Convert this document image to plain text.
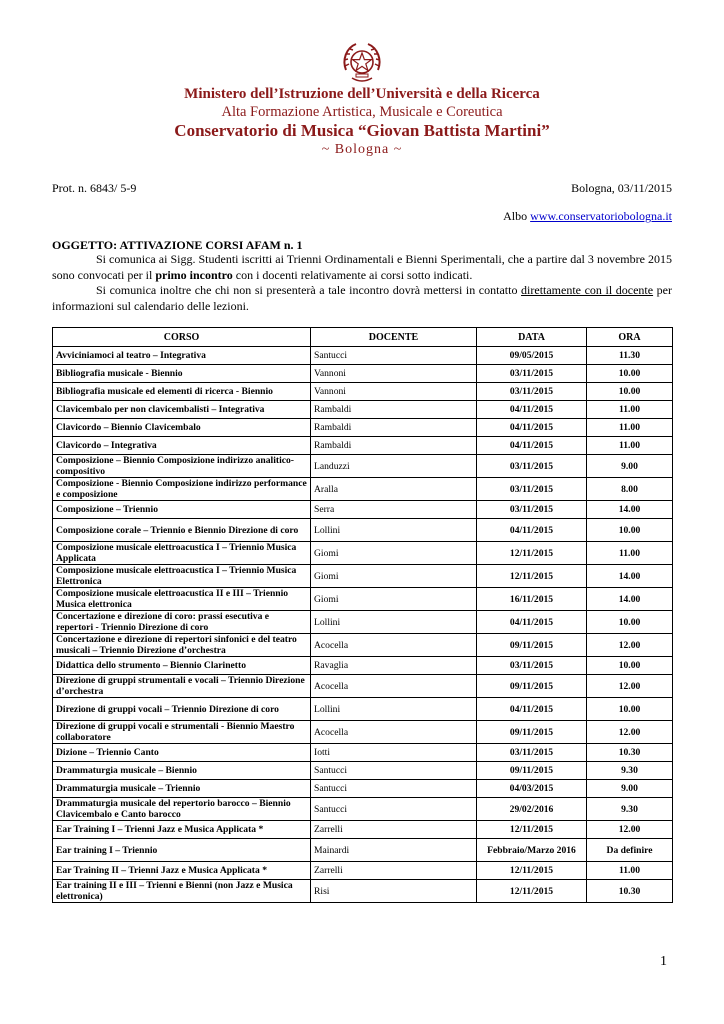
Ministero dell’Istruzione dell’Università e della Ricerca
Alta Formazione Artistica, Musicale e Coreutica
Conservatorio di Musica “Giovan Battista Martini”
~ Bologna ~
Prot. n. 6843/ 5-9	Bologna, 03/11/2015
Albo www.conservatoriobologna.it
OGGETTO: ATTIVAZIONE CORSI AFAM n. 1

Si comunica ai Sigg. Studenti iscritti ai Trienni Ordinamentali e Bienni Sperimentali, che a partire dal 3 novembre 2015 sono convocati per il primo incontro con i docenti relativamente ai corsi sotto indicati.

Si comunica inoltre che chi non si presenterà a tale incontro dovrà mettersi in contatto direttamente con il docente per informazioni sul calendario delle lezioni.

CORSO	DOCENTE	DATA	ORA
Avviciniamoci al teatro – Integrativa	Santucci	09/05/2015	11.30
Bibliografia musicale - Biennio	Vannoni	03/11/2015	10.00
Bibliografia musicale ed elementi di ricerca - Biennio	Vannoni	03/11/2015	10.00
Clavicembalo per non clavicembalisti – Integrativa	Rambaldi	04/11/2015	11.00
Clavicordo – Biennio Clavicembalo	Rambaldi	04/11/2015	11.00
Clavicordo – Integrativa	Rambaldi	04/11/2015	11.00
Composizione – Biennio Composizione indirizzo analitico-compositivo	Landuzzi	03/11/2015	9.00
Composizione - Biennio Composizione indirizzo performance e composizione	Aralla	03/11/2015	8.00
Composizione – Triennio	Serra	03/11/2015	14.00
Composizione corale – Triennio e Biennio Direzione di coro	Lollini	04/11/2015	10.00
Composizione musicale elettroacustica I – Triennio Musica Applicata	Giomi	12/11/2015	11.00
Composizione musicale elettroacustica I – Triennio Musica Elettronica	Giomi	12/11/2015	14.00
Composizione musicale elettroacustica II e III – Triennio Musica elettronica	Giomi	16/11/2015	14.00
Concertazione e direzione di coro: prassi esecutiva e repertori - Triennio Direzione di coro	Lollini	04/11/2015	10.00
Concertazione e direzione di repertori sinfonici e del teatro musicali – Triennio Direzione d’orchestra	Acocella	09/11/2015	12.00
Didattica dello strumento – Biennio Clarinetto	Ravaglia	03/11/2015	10.00
Direzione di gruppi strumentali e vocali – Triennio Direzione d’orchestra	Acocella	09/11/2015	12.00
Direzione di gruppi vocali – Triennio Direzione di coro	Lollini	04/11/2015	10.00
Direzione di gruppi vocali e strumentali - Biennio Maestro collaboratore	Acocella	09/11/2015	12.00
Dizione – Triennio Canto	Iotti	03/11/2015	10.30
Drammaturgia musicale – Biennio	Santucci	09/11/2015	9.30
Drammaturgia musicale – Triennio	Santucci	04/03/2015	9.00
Drammaturgia musicale del repertorio barocco – Biennio Clavicembalo e Canto barocco	Santucci	29/02/2016	9.30
Ear Training I – Trienni Jazz e Musica Applicata *	Zarrelli	12/11/2015	12.00
Ear training I – Triennio	Mainardi	Febbraio/Marzo 2016	Da definire
Ear Training II – Trienni Jazz e Musica Applicata *	Zarrelli	12/11/2015	11.00
Ear training II e III – Trienni e Bienni (non Jazz e Musica elettronica)	Risi	12/11/2015	10.30
1
